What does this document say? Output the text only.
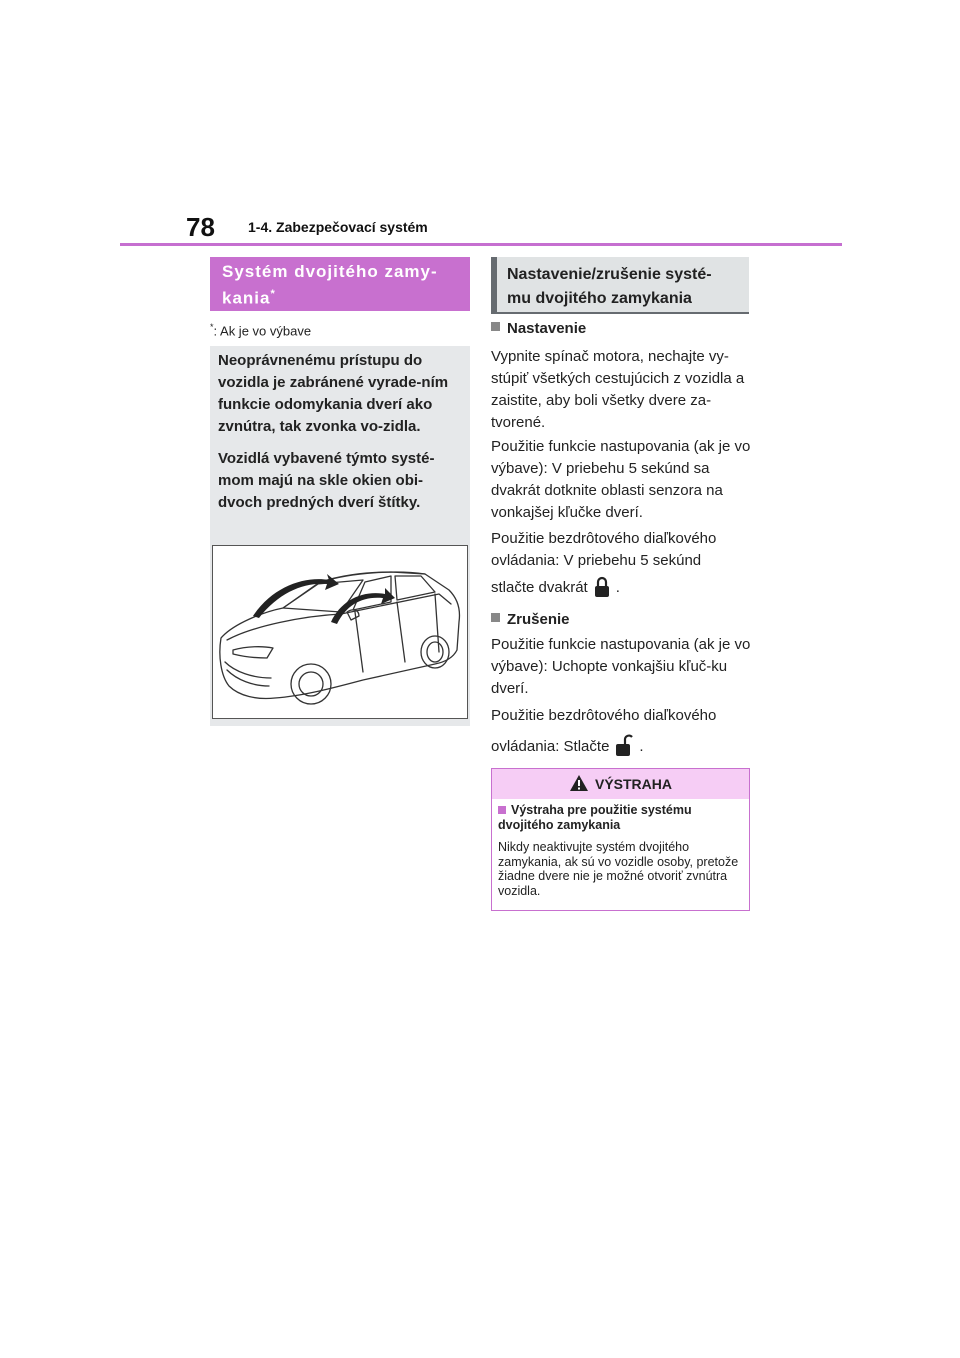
78 1-4. Zabezpečovací systém
Systém dvojitého zamy-
kania*
*: Ak je vo výbave

Neoprávnenému prístupu do vozidla je zabránené vyrade-ním funkcie odomykania dverí ako zvnútra, tak zvonka vo-zidla.

Vozidlá vybavené týmto systé-mom majú na skle okien obi-dvoch predných dverí štítky.

Nastavenie/zrušenie systé-
mu dvojitého zamykania
Nastavenie
Vypnite spínač motora, nechajte vy-stúpiť všetkých cestujúcich z vozidla a zaistite, aby boli všetky dvere za-tvorené.
Použitie funkcie nastupovania (ak je vo výbave): V priebehu 5 sekúnd sa dvakrát dotknite oblasti senzora na vonkajšej kľučke dverí.
Použitie bezdrôtového diaľkového
ovládania: V priebehu 5 sekúnd
stlačte dvakrát .
Zrušenie
Použitie funkcie nastupovania (ak je vo výbave): Uchopte vonkajšiu kľuč-ku dverí.
Použitie bezdrôtového diaľkového
ovládania: Stlačte .
VÝSTRAHA
Výstraha pre použitie systému dvojitého zamykania
Nikdy neaktivujte systém dvojitého zamykania, ak sú vo vozidle osoby, pretože žiadne dvere nie je možné otvoriť zvnútra vozidla.
